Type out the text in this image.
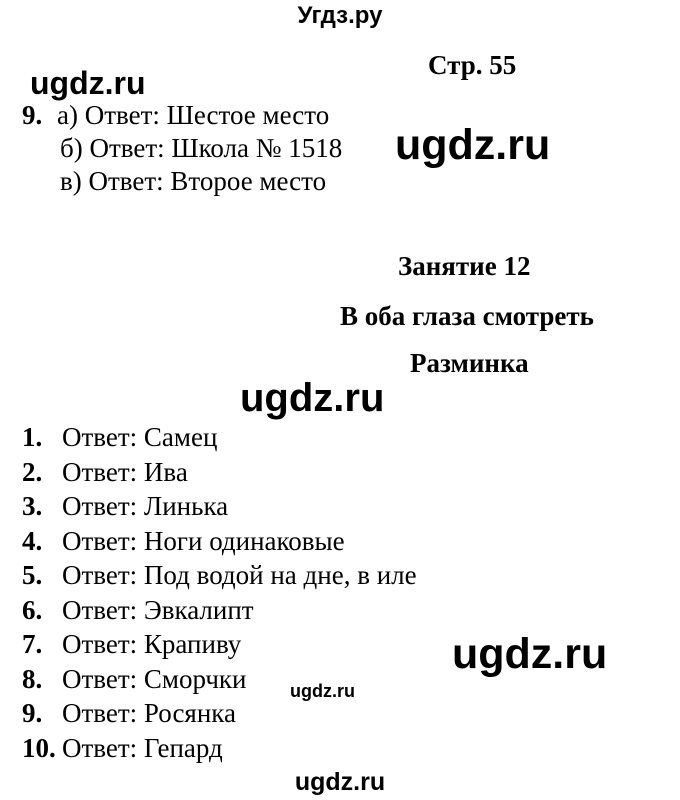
Угдз.ру
Стр. 55
ugdz.ru
9. а) Ответ: Шестое место
б) Ответ: Школа № 1518
в) Ответ: Второе место
ugdz.ru
Занятие 12
В оба глаза смотреть
Разминка
ugdz.ru
1. Ответ: Самец
2. Ответ: Ива
3. Ответ: Линька
4. Ответ: Ноги одинаковые
5. Ответ: Под водой на дне, в иле
6. Ответ: Эвкалипт
7. Ответ: Крапиву
8. Ответ: Сморчки
9. Ответ: Росянка
10. Ответ: Гепард
ugdz.ru
ugdz.ru
ugdz.ru
